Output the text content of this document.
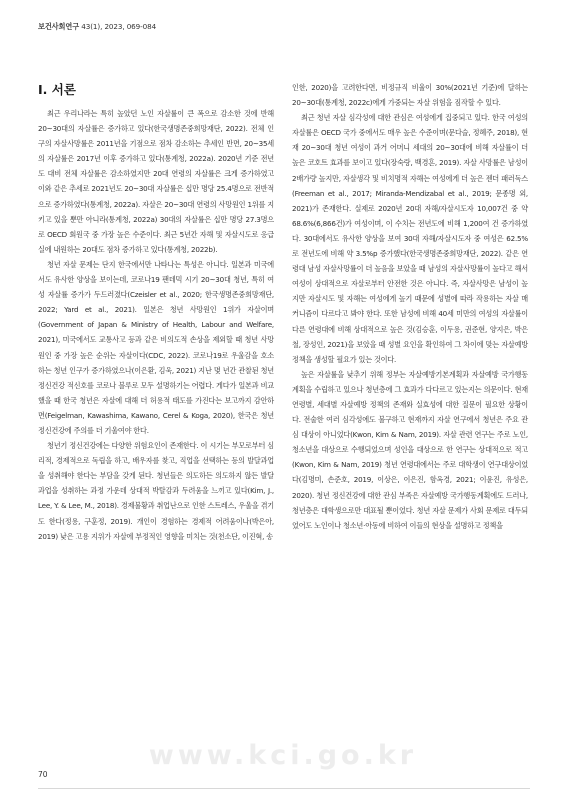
보건사회연구 43(1), 2023, 069-084
Ⅰ. 서론

최근 우리나라는 특히 높았던 노인 자살률이 큰 폭으로 감소한 것에 반해 20~30대의 자살률은 증가하고 있다(한국생명존중희망재단, 2022). 전체 인구의 자살사망률은 2011년을 기점으로 점차 감소하는 추세인 반면, 20~35세의 자살률은 2017년 이후 증가하고 있다(통계청, 2022a). 2020년 기준 전년도 대비 전체 자살률은 감소하였지만 20대 연령의 자살률은 크게 증가하였고 이와 같은 추세로 2021년도 20~30대 자살률은 십만 명당 25.4명으로 전반적으로 증가하였다(통계청, 2022a). 자살은 20~30대 연령의 사망원인 1위를 지키고 있을 뿐만 아니라(통계청, 2022a) 30대의 자살률은 십만 명당 27.3명으로 OECD 회원국 중 가장 높은 수준이다. 최근 5년간 자해 및 자살시도로 응급실에 내원하는 20대도 점차 증가하고 있다(통계청, 2022b).

청년 자살 문제는 단지 한국에서만 나타나는 특성은 아니다. 일본과 미국에서도 유사한 양상을 보이는데, 코로나19 팬데믹 시기 20~30대 청년, 특히 여성 자살률 증가가 두드러졌다(Czeisler et al., 2020; 한국생명존중희망재단, 2022; Yard et al., 2021). 일본은 청년 사망원인 1위가 자살이며(Government of Japan & Ministry of Health, Labour and Welfare, 2021), 미국에서도 교통사고 등과 같은 비의도적 손상을 제외할 때 청년 사망원인 중 가장 높은 순위는 자살이다(CDC, 2022). 코로나19로 우울감을 호소하는 청년 인구가 증가하였으나(이은환, 김욱, 2021) 지난 몇 년간 관찰된 청년 정신건강 적신호를 코로나 블루로 모두 설명하기는 어렵다. 게다가 일본과 비교했을 때 한국 청년은 자살에 대해 더 허용적 태도를 가진다는 보고까지 감안하면(Feigelman, Kawashima, Kawano, Cerel & Koga, 2020), 한국은 청년 정신건강에 주의를 더 기울여야 한다.

청년기 정신건강에는 다양한 위험요인이 존재한다. 이 시기는 부모로부터 심리적, 경제적으로 독립을 하고, 배우자를 찾고, 직업을 선택하는 등의 발달과업을 성취해야 한다는 부담을 갖게 된다. 청년들은 의도하든 의도하지 않든 발달과업을 성취하는 과정 가운데 상대적 박탈감과 두려움을 느끼고 있다(Kim, J., Lee, Y. & Lee, M., 2018). 경제불황과 취업난으로 인한 스트레스, 우울을 겪기도 한다(정용, 구훈정, 2019). 개인이 경험하는 경제적 어려움이나(박은아, 2019) 낮은 고용 지위가 자살에 부정적인 영향을 미치는 것(천소단, 이진혁, 송

인한, 2020)을 고려한다면, 비정규직 비율이 30%(2021년 기준)에 달하는 20~30대(통계청, 2022c)에게 가중되는 자살 위험을 짐작할 수 있다.

최근 청년 자살 심각성에 대한 관심은 여성에게 집중되고 있다. 한국 여성의 자살률은 OECD 국가 중에서도 매우 높은 수준이며(문다슬, 정혜주, 2018), 현재 20~30대 청년 여성이 과거 어머니 세대의 20~30대에 비해 자살률이 더 높은 코호트 효과를 보이고 있다(장숙랑, 백경흔, 2019). 자살 사망률은 남성이 2배가량 높지만, 자살생각 및 비치명적 자해는 여성에게 더 높은 젠더 패러독스(Freeman et al., 2017; Miranda-Mendizabal et al., 2019; 문종명 외, 2021)가 존재한다. 실제로 2020년 20대 자해/자살시도자 10,007건 중 약 68.6%(6,866건)가 여성이며, 이 수치는 전년도에 비해 1,200여 건 증가하였다. 30대에서도 유사한 양상을 보여 30대 자해/자살시도자 중 여성은 62.5%로 전년도에 비해 약 3.5%p 증가했다(한국생명존중희망재단, 2022). 같은 연령대 남성 자살사망률이 더 높음을 보았을 때 남성의 자살사망률이 높다고 해서 여성이 상대적으로 자살로부터 안전한 것은 아니다. 즉, 자살사망은 남성이 높지만 자살시도 및 자해는 여성에게 높기 때문에 성별에 따라 작용하는 자살 매커니즘이 다르다고 봐야 한다. 또한 남성에 비해 40세 미만의 여성의 자살률이 다른 연령대에 비해 상대적으로 높은 것(김승훈, 이두용, 권준현, 양지은, 박은철, 장성인, 2021)을 보았을 때 성별 요인을 확인하여 그 차이에 맞는 자살예방 정책을 생성할 필요가 있는 것이다.

높은 자살률을 낮추기 위해 정부는 자살예방기본계획과 자살예방 국가행동계획을 수립하고 있으나 청년층에 그 효과가 다다르고 있는지는 의문이다. 현재 연령별, 세대별 자살예방 정책의 존재와 실효성에 대한 질문이 필요한 상황이다. 전술한 여러 심각성에도 불구하고 현재까지 자살 연구에서 청년은 주요 관심 대상이 아니었다(Kwon, Kim & Nam, 2019). 자살 관련 연구는 주로 노인, 청소년을 대상으로 수행되었으며 성인을 대상으로 한 연구는 상대적으로 적고(Kwon, Kim & Nam, 2019) 청년 연령대에서는 주로 대학생이 연구대상이었다(김명미, 손준호, 2019, 이상은, 이은진, 함옥경, 2021; 이윤진, 유성은, 2020). 청년 정신건강에 대한 관심 부족은 자살예방 국가행동계획에도 드러나, 청년층은 대학생으로만 대표될 뿐이었다. 청년 자살 문제가 사회 문제로 대두되었어도 노인이나 청소년·아동에 비하여 이들의 현상을 설명하고 정책을

www.kci.go.kr
70
